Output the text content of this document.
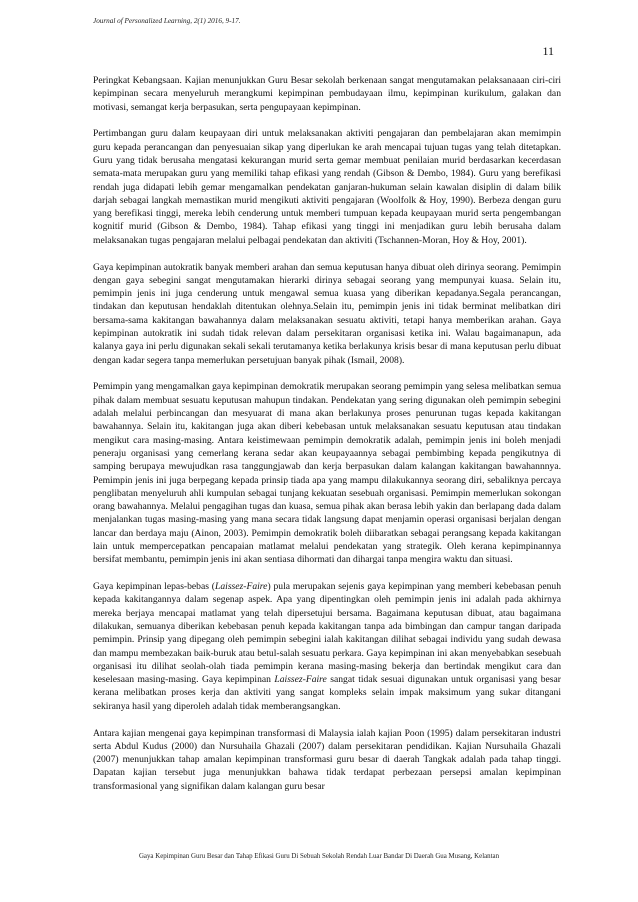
Journal of Personalized Learning, 2(1) 2016, 9-17.
11

Peringkat Kebangsaan. Kajian menunjukkan Guru Besar sekolah berkenaan sangat mengutamakan pelaksanaaan ciri-ciri kepimpinan secara menyeluruh merangkumi kepimpinan pembudayaan ilmu, kepimpinan kurikulum, galakan dan motivasi, semangat kerja berpasukan, serta pengupayaan kepimpinan.

Pertimbangan guru dalam keupayaan diri untuk melaksanakan aktiviti pengajaran dan pembelajaran akan memimpin guru kepada perancangan dan penyesuaian sikap yang diperlukan ke arah mencapai tujuan tugas yang telah ditetapkan. Guru yang tidak berusaha mengatasi kekurangan murid serta gemar membuat penilaian murid berdasarkan kecerdasan semata-mata merupakan guru yang memiliki tahap efikasi yang rendah (Gibson & Dembo, 1984). Guru yang berefikasi rendah juga didapati lebih gemar mengamalkan pendekatan ganjaran-hukuman selain kawalan disiplin di dalam bilik darjah sebagai langkah memastikan murid mengikuti aktiviti pengajaran (Woolfolk & Hoy, 1990). Berbeza dengan guru yang berefikasi tinggi, mereka lebih cenderung untuk memberi tumpuan kepada keupayaan murid serta pengembangan kognitif murid (Gibson & Dembo, 1984). Tahap efikasi yang tinggi ini menjadikan guru lebih berusaha dalam melaksanakan tugas pengajaran melalui pelbagai pendekatan dan aktiviti (Tschannen-Moran, Hoy & Hoy, 2001).

Gaya kepimpinan autokratik banyak memberi arahan dan semua keputusan hanya dibuat oleh dirinya seorang. Pemimpin dengan gaya sebegini sangat mengutamakan hierarki dirinya sebagai seorang yang mempunyai kuasa. Selain itu, pemimpin jenis ini juga cenderung untuk mengawal semua kuasa yang diberikan kepadanya.Segala perancangan, tindakan dan keputusan hendaklah ditentukan olehnya.Selain itu, pemimpin jenis ini tidak berminat melibatkan diri bersama-sama kakitangan bawahannya dalam melaksanakan sesuatu aktiviti, tetapi hanya memberikan arahan. Gaya kepimpinan autokratik ini sudah tidak relevan dalam persekitaran organisasi ketika ini. Walau bagaimanapun, ada kalanya gaya ini perlu digunakan sekali sekali terutamanya ketika berlakunya krisis besar di mana keputusan perlu dibuat dengan kadar segera tanpa memerlukan persetujuan banyak pihak (Ismail, 2008).

Pemimpin yang mengamalkan gaya kepimpinan demokratik merupakan seorang pemimpin yang selesa melibatkan semua pihak dalam membuat sesuatu keputusan mahupun tindakan. Pendekatan yang sering digunakan oleh pemimpin sebegini adalah melalui perbincangan dan mesyuarat di mana akan berlakunya proses penurunan tugas kepada kakitangan bawahannya. Selain itu, kakitangan juga akan diberi kebebasan untuk melaksanakan sesuatu keputusan atau tindakan mengikut cara masing-masing. Antara keistimewaan pemimpin demokratik adalah, pemimpin jenis ini boleh menjadi peneraju organisasi yang cemerlang kerana sedar akan keupayaannya sebagai pembimbing kepada pengikutnya di samping berupaya mewujudkan rasa tanggungjawab dan kerja berpasukan dalam kalangan kakitangan bawahannnya. Pemimpin jenis ini juga berpegang kepada prinsip tiada apa yang mampu dilakukannya seorang diri, sebaliknya percaya penglibatan menyeluruh ahli kumpulan sebagai tunjang kekuatan sesebuah organisasi. Pemimpin memerlukan sokongan orang bawahannya. Melalui pengagihan tugas dan kuasa, semua pihak akan berasa lebih yakin dan berlapang dada dalam menjalankan tugas masing-masing yang mana secara tidak langsung dapat menjamin operasi organisasi berjalan dengan lancar dan berdaya maju (Ainon, 2003). Pemimpin demokratik boleh diibaratkan sebagai perangsang kepada kakitangan lain untuk mempercepatkan pencapaian matlamat melalui pendekatan yang strategik. Oleh kerana kepimpinannya bersifat membantu, pemimpin jenis ini akan sentiasa dihormati dan dihargai tanpa mengira waktu dan situasi.

Gaya kepimpinan lepas-bebas (Laissez-Faire) pula merupakan sejenis gaya kepimpinan yang memberi kebebasan penuh kepada kakitangannya dalam segenap aspek. Apa yang dipentingkan oleh pemimpin jenis ini adalah pada akhirnya mereka berjaya mencapai matlamat yang telah dipersetujui bersama. Bagaimana keputusan dibuat, atau bagaimana dilakukan, semuanya diberikan kebebasan penuh kepada kakitangan tanpa ada bimbingan dan campur tangan daripada pemimpin. Prinsip yang dipegang oleh pemimpin sebegini ialah kakitangan dilihat sebagai individu yang sudah dewasa dan mampu membezakan baik-buruk atau betul-salah sesuatu perkara. Gaya kepimpinan ini akan menyebabkan sesebuah organisasi itu dilihat seolah-olah tiada pemimpin kerana masing-masing bekerja dan bertindak mengikut cara dan keselesaan masing-masing. Gaya kepimpinan Laissez-Faire sangat tidak sesuai digunakan untuk organisasi yang besar kerana melibatkan proses kerja dan aktiviti yang sangat kompleks selain impak maksimum yang sukar ditangani sekiranya hasil yang diperoleh adalah tidak memberangsangkan.

Antara kajian mengenai gaya kepimpinan transformasi di Malaysia ialah kajian Poon (1995) dalam persekitaran industri serta Abdul Kudus (2000) dan Nursuhaila Ghazali (2007) dalam persekitaran pendidikan. Kajian Nursuhaila Ghazali (2007) menunjukkan tahap amalan kepimpinan transformasi guru besar di daerah Tangkak adalah pada tahap tinggi. Dapatan kajian tersebut juga menunjukkan bahawa tidak terdapat perbezaan persepsi amalan kepimpinan transformasional yang signifikan dalam kalangan guru besar

Gaya Kepimpinan Guru Besar dan Tahap Efikasi Guru Di Sebuah Sekolah Rendah Luar Bandar Di Daerah Gua Musang, Kelantan
